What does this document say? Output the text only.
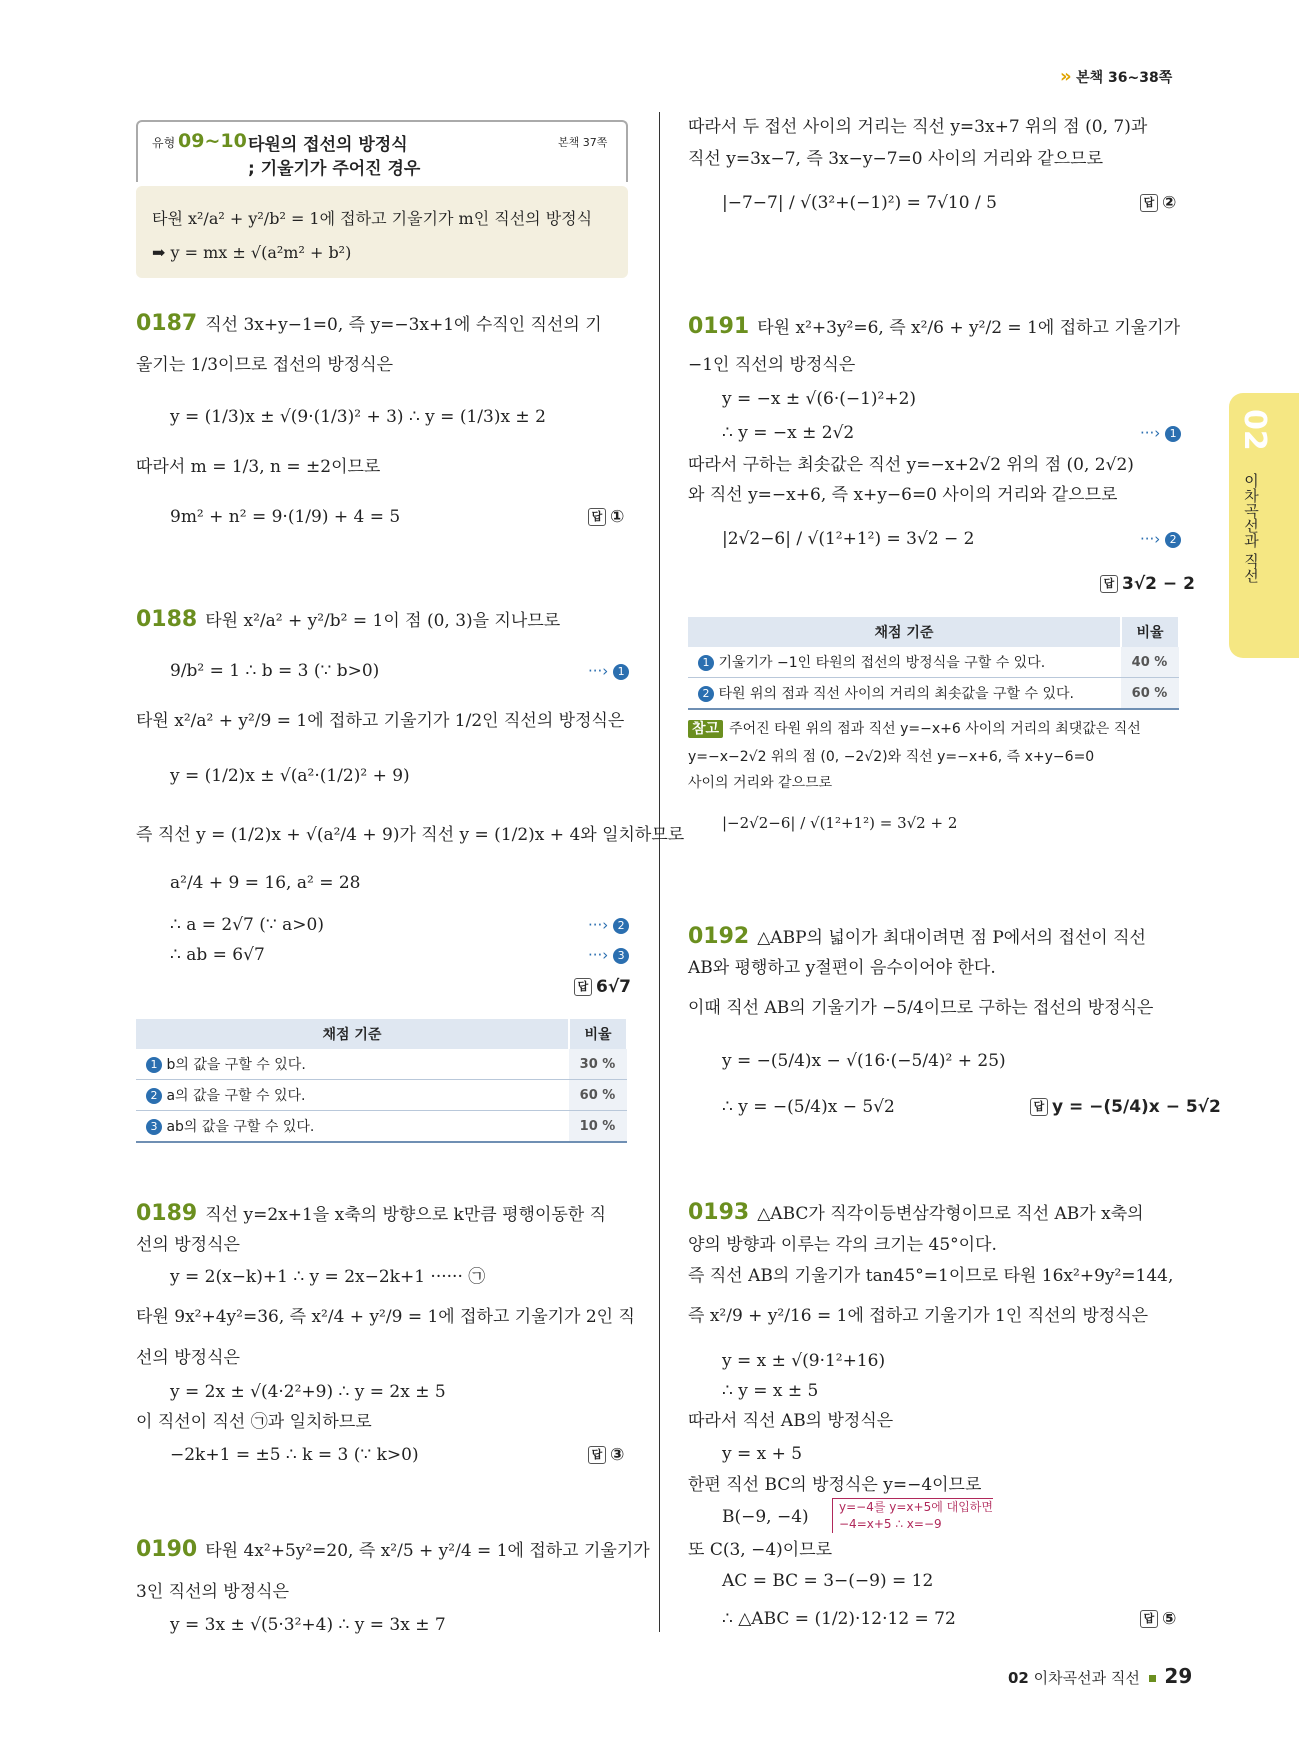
» 본책 36~38쪽
유형 09~10 타원의 접선의 방정식
; 기울기가 주어진 경우
본책 37쪽
타원 x²/a² + y²/b² = 1에 접하고 기울기가 m인 직선의 방정식
➡ y = mx ± √(a²m² + b²)
0187 직선 3x+y−1=0, 즉 y=−3x+1에 수직인 직선의 기
울기는 1/3이므로 접선의 방정식은
y = (1/3)x ± √(9·(1/3)² + 3) ∴ y = (1/3)x ± 2
따라서 m = 1/3, n = ±2이므로
9m² + n² = 9·(1/9) + 4 = 5	답 ①
0188 타원 x²/a² + y²/b² = 1이 점 (0, 3)을 지나므로
9/b² = 1 ∴ b = 3 (∵ b>0)	···› 1
타원 x²/a² + y²/9 = 1에 접하고 기울기가 1/2인 직선의 방정식은
y = (1/2)x ± √(a²·(1/2)² + 9)
즉 직선 y = (1/2)x + √(a²/4 + 9)가 직선 y = (1/2)x + 4와 일치하므로
a²/4 + 9 = 16, a² = 28
∴ a = 2√7 (∵ a>0)	···› 2
∴ ab = 6√7	···› 3
답 6√7
채점 기준	비율
1 b의 값을 구할 수 있다.	30 %
2 a의 값을 구할 수 있다.	60 %
3 ab의 값을 구할 수 있다.	10 %
0189 직선 y=2x+1을 x축의 방향으로 k만큼 평행이동한 직
선의 방정식은
y = 2(x−k)+1 ∴ y = 2x−2k+1 ······ ㉠
타원 9x²+4y²=36, 즉 x²/4 + y²/9 = 1에 접하고 기울기가 2인 직
선의 방정식은
y = 2x ± √(4·2²+9) ∴ y = 2x ± 5
이 직선이 직선 ㉠과 일치하므로
−2k+1 = ±5 ∴ k = 3 (∵ k>0)	답 ③
0190 타원 4x²+5y²=20, 즉 x²/5 + y²/4 = 1에 접하고 기울기가
3인 직선의 방정식은
y = 3x ± √(5·3²+4) ∴ y = 3x ± 7
따라서 두 접선 사이의 거리는 직선 y=3x+7 위의 점 (0, 7)과
직선 y=3x−7, 즉 3x−y−7=0 사이의 거리와 같으므로
|−7−7| / √(3²+(−1)²) = 7√10 / 5	답 ②
0191 타원 x²+3y²=6, 즉 x²/6 + y²/2 = 1에 접하고 기울기가
−1인 직선의 방정식은
y = −x ± √(6·(−1)²+2)
∴ y = −x ± 2√2	···› 1
따라서 구하는 최솟값은 직선 y=−x+2√2 위의 점 (0, 2√2)
와 직선 y=−x+6, 즉 x+y−6=0 사이의 거리와 같으므로
|2√2−6| / √(1²+1²) = 3√2 − 2	···› 2
답 3√2 − 2
채점 기준	비율
1 기울기가 −1인 타원의 접선의 방정식을 구할 수 있다.	40 %
2 타원 위의 점과 직선 사이의 거리의 최솟값을 구할 수 있다.	60 %
참고 주어진 타원 위의 점과 직선 y=−x+6 사이의 거리의 최댓값은 직선
y=−x−2√2 위의 점 (0, −2√2)와 직선 y=−x+6, 즉 x+y−6=0
사이의 거리와 같으므로
|−2√2−6| / √(1²+1²) = 3√2 + 2
0192 △ABP의 넓이가 최대이려면 점 P에서의 접선이 직선
AB와 평행하고 y절편이 음수이어야 한다.
이때 직선 AB의 기울기가 −5/4이므로 구하는 접선의 방정식은
y = −(5/4)x − √(16·(−5/4)² + 25)
∴ y = −(5/4)x − 5√2	답 y = −(5/4)x − 5√2
0193 △ABC가 직각이등변삼각형이므로 직선 AB가 x축의
양의 방향과 이루는 각의 크기는 45°이다.
즉 직선 AB의 기울기가 tan45°=1이므로 타원 16x²+9y²=144,
즉 x²/9 + y²/16 = 1에 접하고 기울기가 1인 직선의 방정식은
y = x ± √(9·1²+16)
∴ y = x ± 5
따라서 직선 AB의 방정식은
y = x + 5
한편 직선 BC의 방정식은 y=−4이므로
B(−9, −4)	y=−4를 y=x+5에 대입하면
−4=x+5 ∴ x=−9
또 C(3, −4)이므로
AC = BC = 3−(−9) = 12
∴ △ABC = (1/2)·12·12 = 72	답 ⑤
02
이차곡선과 직선
02 이차곡선과 직선 29
